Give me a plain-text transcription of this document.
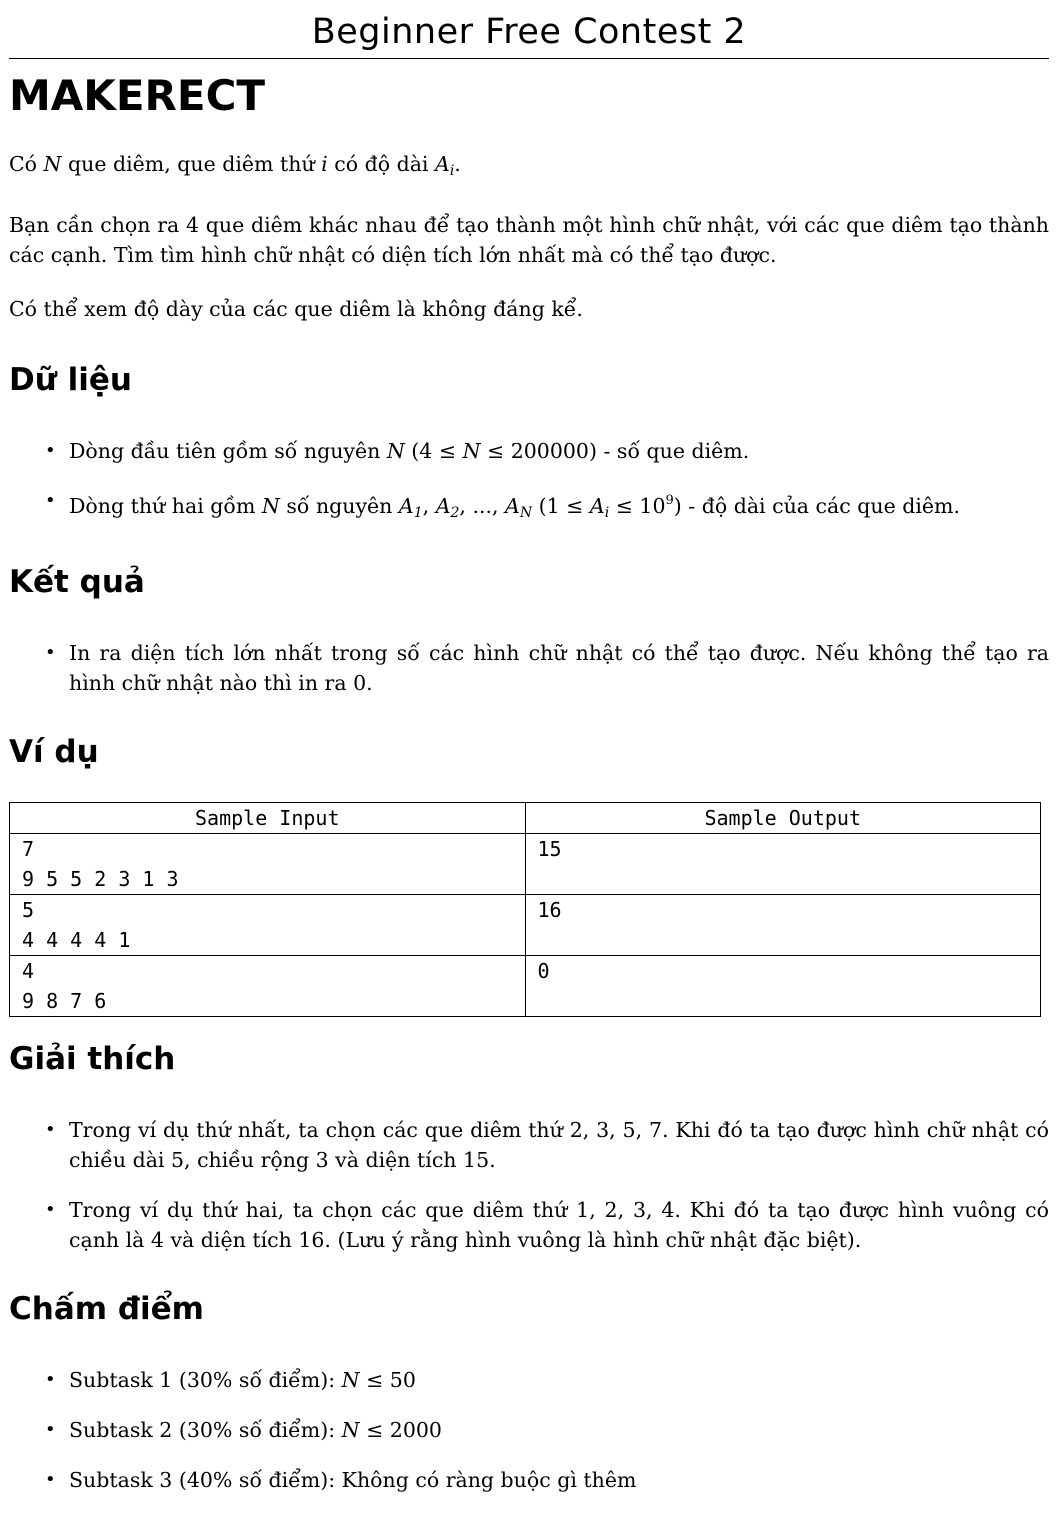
Beginner Free Contest 2
MAKERECT

Có N que diêm, que diêm thứ i có độ dài $A_i$.

Bạn cần chọn ra 4 que diêm khác nhau để tạo thành một hình chữ nhật, với các que diêm tạo thành các cạnh. Tìm tìm hình chữ nhật có diện tích lớn nhất mà có thể tạo được.

Có thể xem độ dày của các que diêm là không đáng kể.

Dữ liệu
• Dòng đầu tiên gồm số nguyên N (4 ≤ N ≤ 200000) - số que diêm.
• Dòng thứ hai gồm N số nguyên $A_1$, $A_2$, ..., $A_N$ $(1 \le A_i \le 10^9)$ - độ dài của các que diêm.
Kết quả
• In ra diện tích lớn nhất trong số các hình chữ nhật có thể tạo được. Nếu không thể tạo ra hình chữ nhật nào thì in ra 0.
Ví dụ
Sample Input	Sample Output

7
9 5 5 2 3 1 3	15

5
4 4 4 4 1	16

4
9 8 7 6	0
Giải thích
• Trong ví dụ thứ nhất, ta chọn các que diêm thứ 2, 3, 5, 7. Khi đó ta tạo được hình chữ nhật có chiều dài 5, chiều rộng 3 và diện tích 15.
• Trong ví dụ thứ hai, ta chọn các que diêm thứ 1, 2, 3, 4. Khi đó ta tạo được hình vuông có cạnh là 4 và diện tích 16. (Lưu ý rằng hình vuông là hình chữ nhật đặc biệt).
Chấm điểm
• Subtask 1 (30% số điểm): N ≤ 50
• Subtask 2 (30% số điểm): N ≤ 2000
• Subtask 3 (40% số điểm): Không có ràng buộc gì thêm
